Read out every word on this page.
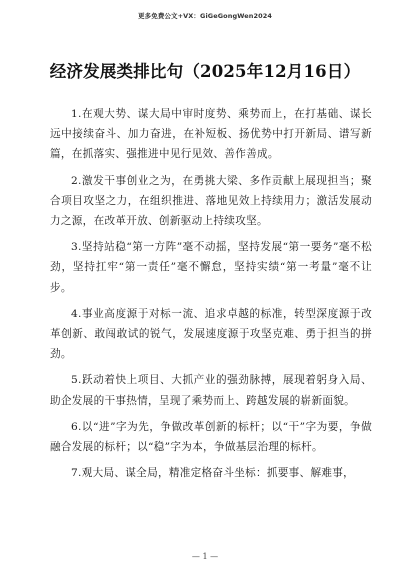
更多免费公文+VX：GiGeGongWen2024
经济发展类排比句（2025年12月16日）

1.在观大势、谋大局中审时度势、乘势而上，在打基础、谋长远中接续奋斗、加力奋进，在补短板、扬优势中打开新局、谱写新篇，在抓落实、强推进中见行见效、善作善成。

2.激发干事创业之为，在勇挑大梁、多作贡献上展现担当；聚合项目攻坚之力，在组织推进、落地见效上持续用力；激活发展动力之源，在改革开放、创新驱动上持续攻坚。

3.坚持站稳“第一方阵”毫不动摇，坚持发展“第一要务”毫不松劲，坚持扛牢“第一责任”毫不懈怠，坚持实绩“第一考量”毫不让步。

4.事业高度源于对标一流、追求卓越的标准，转型深度源于改革创新、敢闯敢试的锐气，发展速度源于攻坚克难、勇于担当的拼劲。

5.跃动着快上项目、大抓产业的强劲脉搏，展现着躬身入局、助企发展的干事热情，呈现了乘势而上、跨越发展的崭新面貌。

6.以“进”字为先，争做改革创新的标杆；以“干”字为要，争做融合发展的标杆；以“稳”字为本，争做基层治理的标杆。

7.观大局、谋全局，精准定格奋斗坐标：抓要事、解难事，

— 1 —
